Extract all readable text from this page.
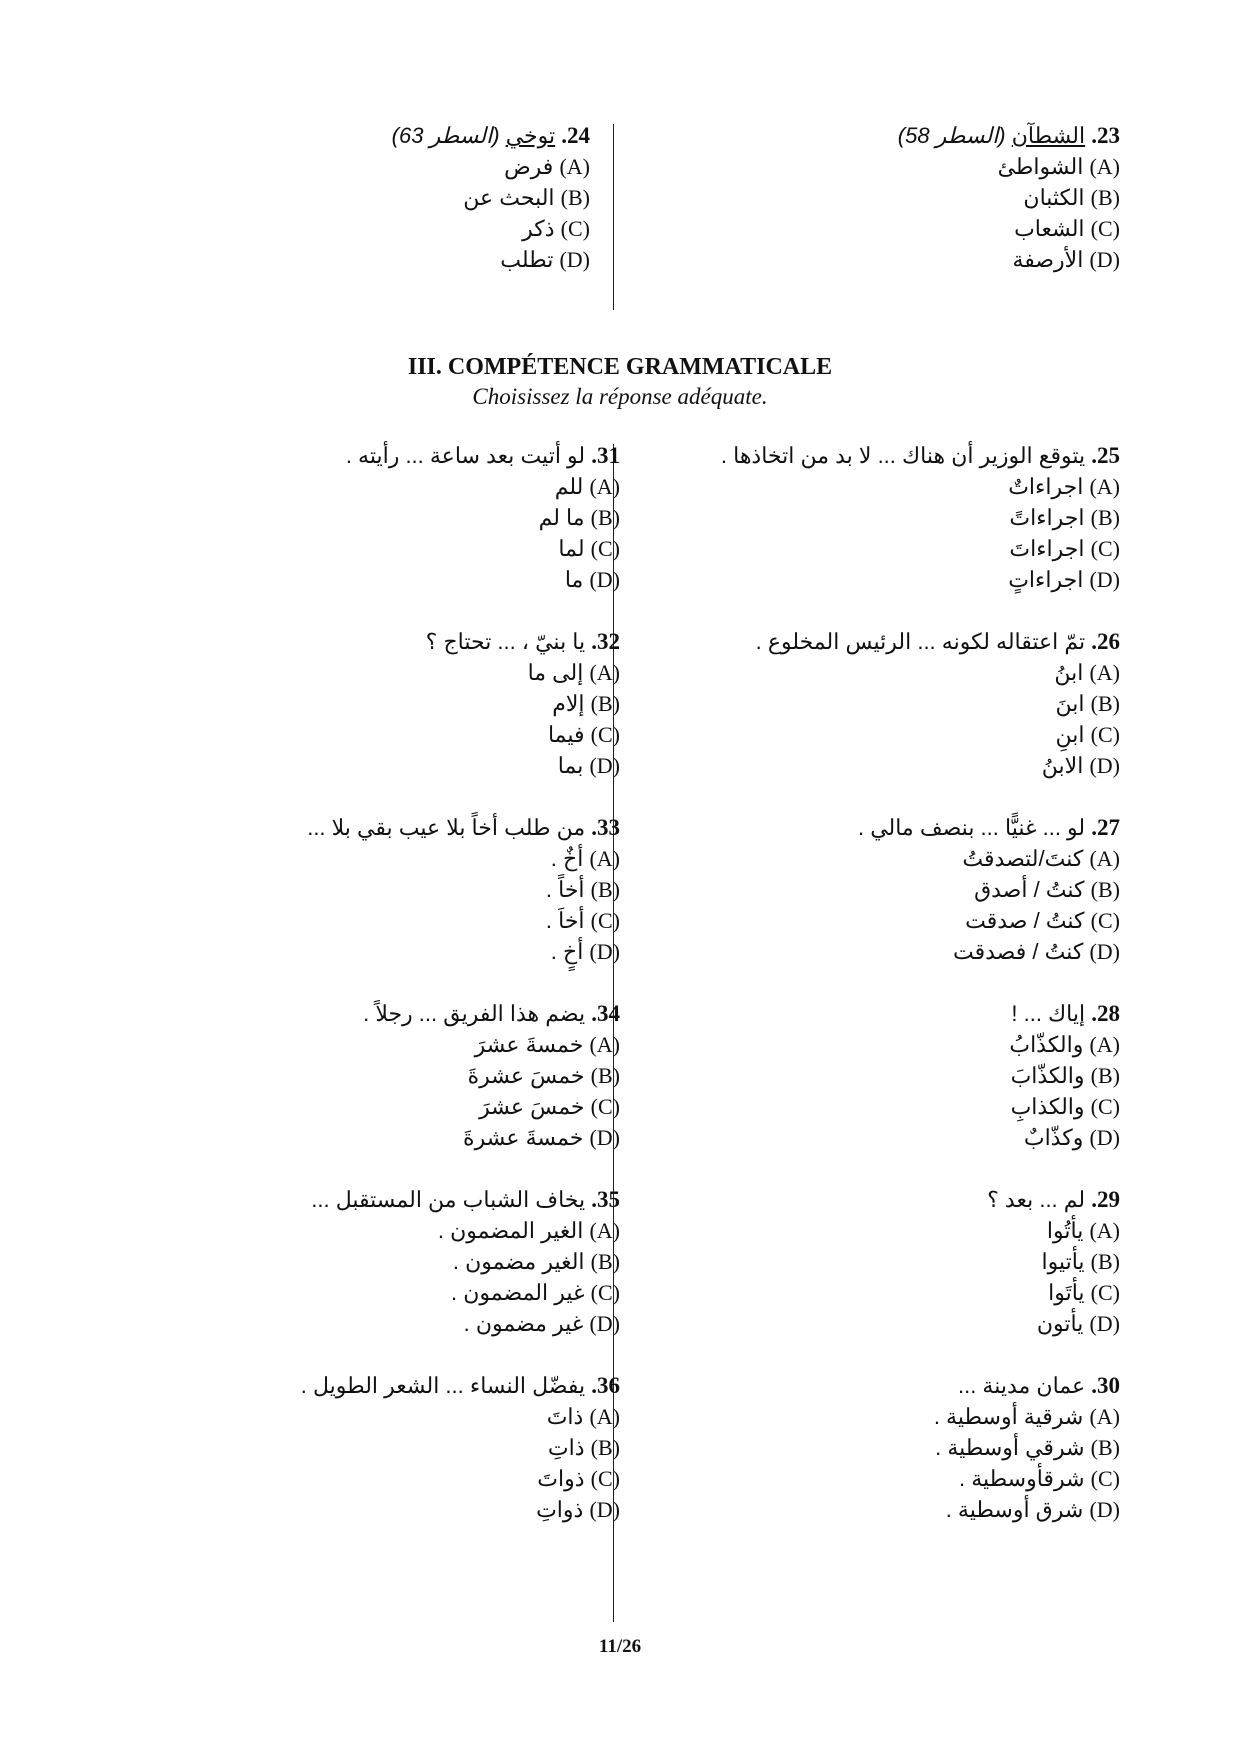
23. الشطآن (السطر 58)
(A) الشواطئ
(B) الكثبان
(C) الشعاب
(D) الأرصفة
24. توخي (السطر 63)
(A) فرض
(B) البحث عن
(C) ذكر
(D) تطلب
III. COMPÉTENCE GRAMMATICALE
Choisissez la réponse adéquate.
25. يتوقع الوزير أن هناك ... لا بد من اتخاذها .
(A) اجراءاتٌ
(B) اجراءاتً
(C) اجراءاتَ
(D) اجراءاتٍ
26. تمّ اعتقاله لكونه ... الرئيس المخلوع .
(A) ابنُ
(B) ابنَ
(C) ابنِ
(D) الابنُ
27. لو ... غنيًّا ... بنصف مالي .
(A) كنتَ/لتصدقتُ
(B) كنتُ / أصدق
(C) كنتُ / صدقت
(D) كنتُ / فصدقت
28. إياك ... !
(A) والكذّابُ
(B) والكذّابَ
(C) والكذابِ
(D) وكذّابٌ
29. لم ... بعد ؟
(A) يأتُوا
(B) يأتيوا
(C) يأتَوا
(D) يأتون
30. عمان مدينة ...
(A) شرقية أوسطية .
(B) شرقي أوسطية .
(C) شرقأوسطية .
(D) شرق أوسطية .
31. لو أتيت بعد ساعة ... رأيته .
(A) للم
(B) ما لم
(C) لما
(D) ما
32. يا بنيّ ، ... تحتاج ؟
(A) إلى ما
(B) إلام
(C) فيما
(D) بما
33. من طلب أخاً بلا عيب بقي بلا ...
(A) أخٌ .
(B) أخاً .
(C) أخاَ .
(D) أخٍ .
34. يضم هذا الفريق ... رجلاً .
(A) خمسةَ عشرَ
(B) خمسَ عشرةَ
(C) خمسَ عشرَ
(D) خمسةَ عشرةَ
35. يخاف الشباب من المستقبل ...
(A) الغير المضمون .
(B) الغير مضمون .
(C) غير المضمون .
(D) غير مضمون .
36. يفضّل النساء ... الشعر الطويل .
(A) ذاتَ
(B) ذاتِ
(C) ذواتَ
(D) ذواتِ
11/26
